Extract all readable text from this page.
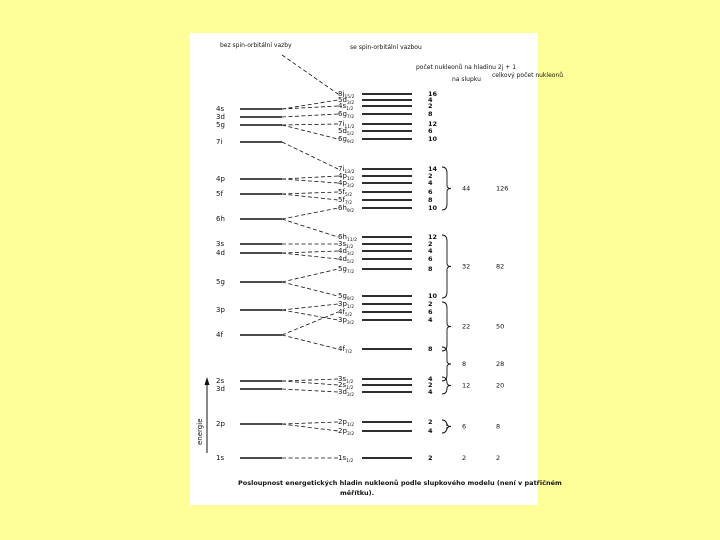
bez spin-orbitální vazby	se spin-orbitální vazbou
počet nukleonů na hladinu 2j + 1
na slupku
celkový počet nukleonů
energie
4s
3d
5g
7i
4p
5f
6h
3s
4d
5g
3p
4f
2s
3d
2p
1s
$8j_{15/2}$	16
$5d_{3/2}$	4
$4s_{1/2}$	2
$6g_{7/2}$	8
$7i_{11/2}$	12
$5d_{5/2}$	6
$6g_{9/2}$	10
$7i_{13/2}$	14
$4p_{1/2}$	2
$4p_{3/2}$	4
$5f_{5/2}$	6
$5f_{7/2}$	8
$6h_{9/2}$	10
$6h_{11/2}$	12
$3s_{1/2}$	2
$4d_{3/2}$	4
$4d_{5/2}$	6
$5g_{7/2}$	8
$5g_{9/2}$	10
$3p_{1/2}$	2
$4f_{5/2}$	6
$3p_{3/2}$	4
$4f_{7/2}$	8
$3s_{1/2}$	4
$2s_{1/2}$	2
$3d_{3/2}$	4
$2p_{1/2}$	2
$2p_{3/2}$	4
$1s_{1/2}$	2
44	126
32	82
22	50
8	28
12	20
6	8
2	2
Posloupnost energetických hladin nukleonů podle slupkového modelu (není v patřičném
měřítku).
